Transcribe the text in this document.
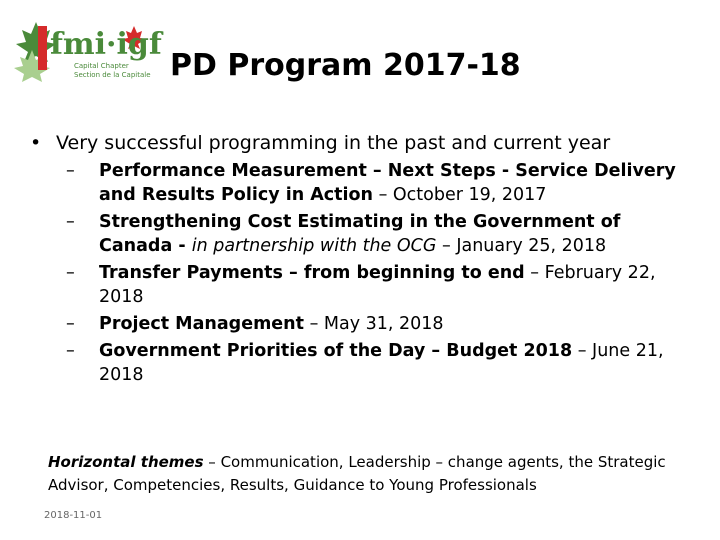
fmi·igf
Capital Chapter
Section de la Capitale PD Program 2017-18
• Very successful programming in the past and current year
–	Performance Measurement – Next Steps - Service Delivery and Results Policy in Action – October 19, 2017
–	Strengthening Cost Estimating in the Government of Canada - in partnership with the OCG – January 25, 2018
–	Transfer Payments – from beginning to end – February 22, 2018
–	Project Management – May 31, 2018
–	Government Priorities of the Day – Budget 2018 – June 21, 2018
Horizontal themes – Communication, Leadership – change agents, the Strategic Advisor, Competencies, Results, Guidance to Young Professionals
2018-11-01
